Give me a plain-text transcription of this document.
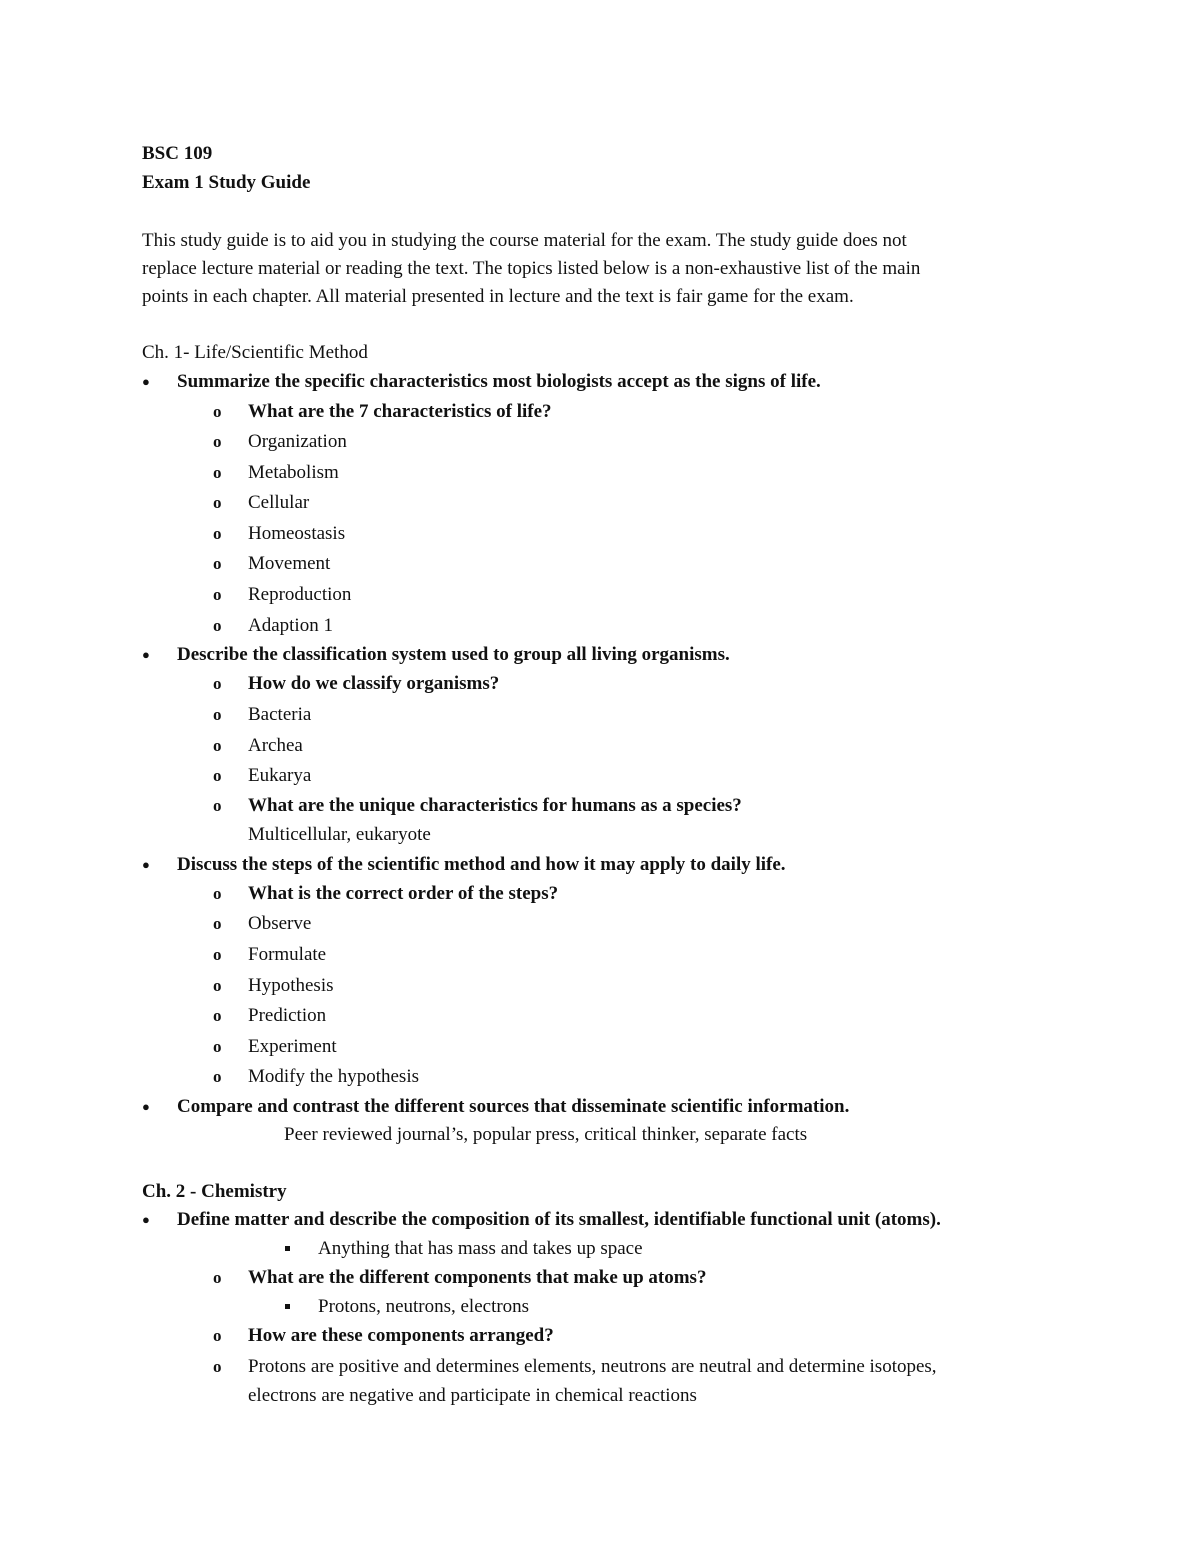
BSC 109
Exam 1 Study Guide
This study guide is to aid you in studying the course material for the exam. The study guide does not
replace lecture material or reading the text. The topics listed below is a non-exhaustive list of the main
points in each chapter. All material presented in lecture and the text is fair game for the exam.
Ch. 1- Life/Scientific Method
● Summarize the specific characteristics most biologists accept as the signs of life.
o What are the 7 characteristics of life?
o Organization
o Metabolism
o Cellular
o Homeostasis
o Movement
o Reproduction
o Adaption 1
● Describe the classification system used to group all living organisms.
o How do we classify organisms?
o Bacteria
o Archea
o Eukarya
o What are the unique characteristics for humans as a species?
Multicellular, eukaryote
● Discuss the steps of the scientific method and how it may apply to daily life.
o What is the correct order of the steps?
o Observe
o Formulate
o Hypothesis
o Prediction
o Experiment
o Modify the hypothesis
● Compare and contrast the different sources that disseminate scientific information.
Peer reviewed journal’s, popular press, critical thinker, separate facts
Ch. 2 - Chemistry
● Define matter and describe the composition of its smallest, identifiable functional unit (atoms).
Anything that has mass and takes up space
o What are the different components that make up atoms?
Protons, neutrons, electrons
o How are these components arranged?
o Protons are positive and determines elements, neutrons are neutral and determine isotopes,
electrons are negative and participate in chemical reactions
